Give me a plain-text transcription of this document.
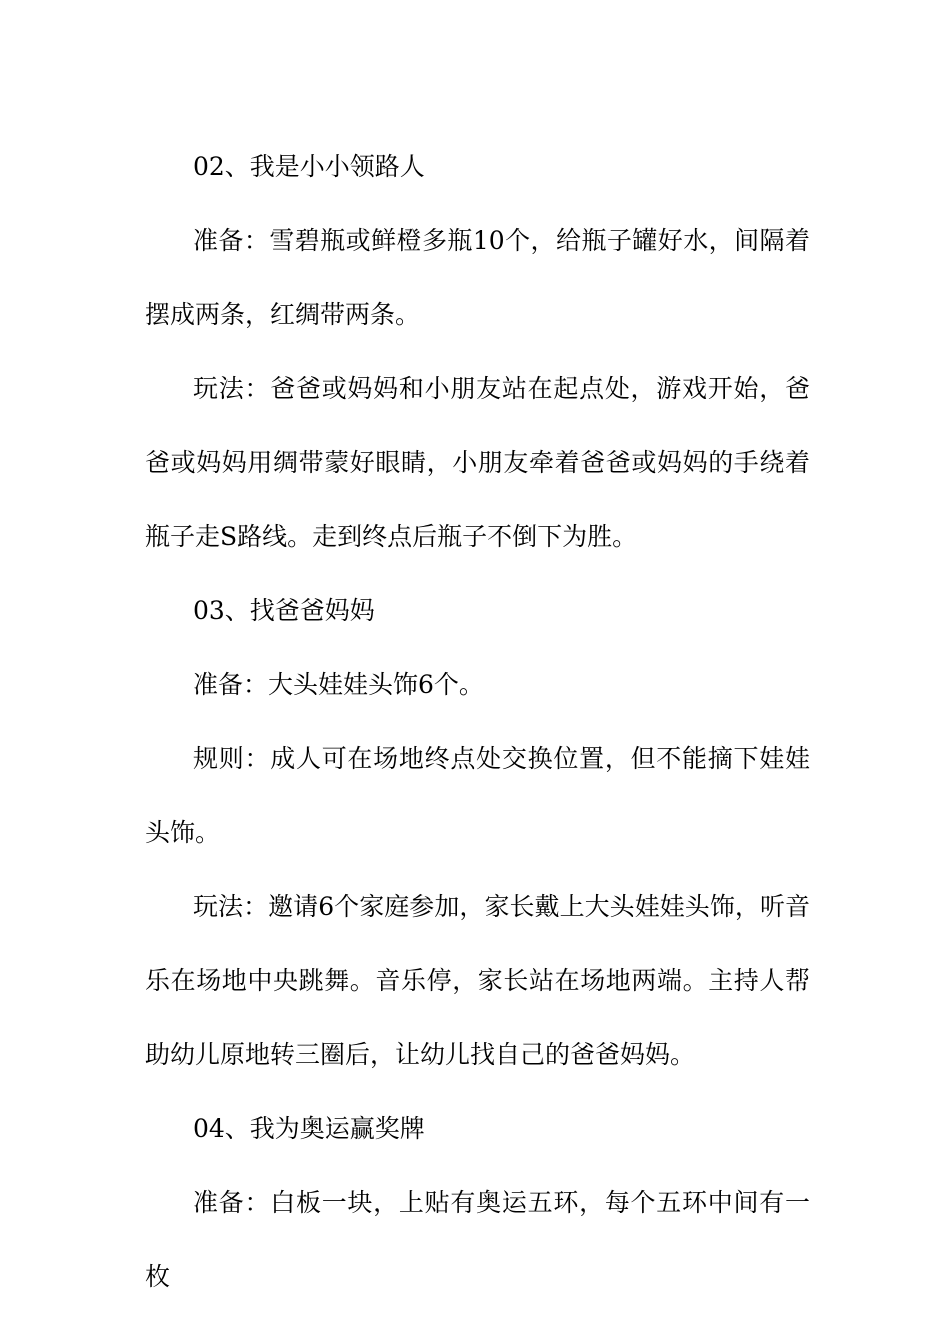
02、我是小小领路人

准备：雪碧瓶或鲜橙多瓶10个，给瓶子罐好水，间隔着摆成两条，红绸带两条。

玩法：爸爸或妈妈和小朋友站在起点处，游戏开始，爸爸或妈妈用绸带蒙好眼睛，小朋友牵着爸爸或妈妈的手绕着瓶子走S路线。走到终点后瓶子不倒下为胜。

03、找爸爸妈妈

准备：大头娃娃头饰6个。

规则：成人可在场地终点处交换位置，但不能摘下娃娃头饰。

玩法：邀请6个家庭参加，家长戴上大头娃娃头饰，听音乐在场地中央跳舞。音乐停，家长站在场地两端。主持人帮助幼儿原地转三圈后，让幼儿找自己的爸爸妈妈。

04、我为奥运赢奖牌

准备：白板一块，上贴有奥运五环，每个五环中间有一枚
